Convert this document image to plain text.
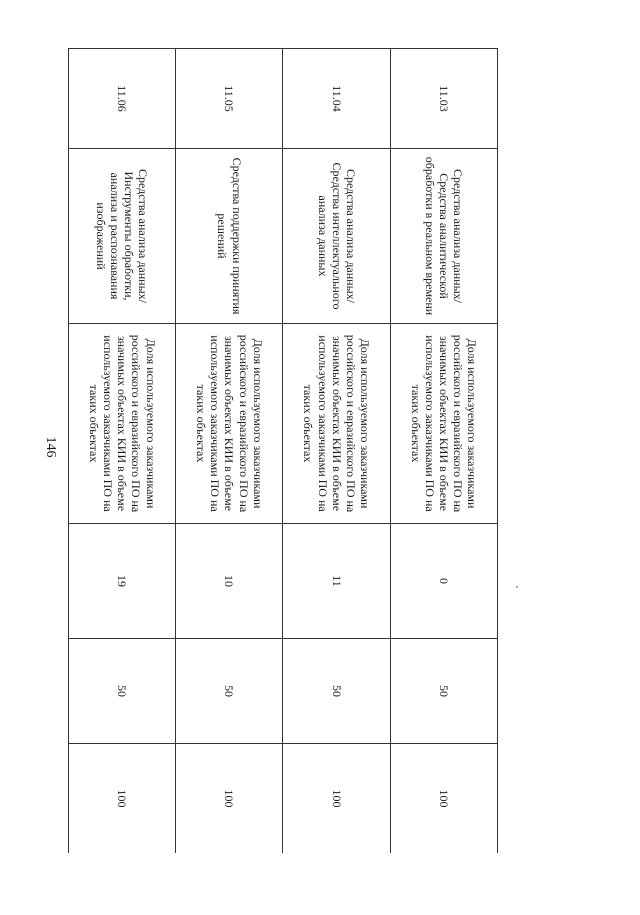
146
11.03	Средства анализа данных/Средства аналитической обработки в реальном времени	Доля используемого заказчиками российского и евразийского ПО на значимых объектах КИИ в объеме используемого заказчиками ПО на таких объектах	0	50	100
11.04	Средства анализа данных/Средства интеллектуального анализа данных	Доля используемого заказчиками российского и евразийского ПО на значимых объектах КИИ в объеме используемого заказчиками ПО на таких объектах	11	50	100
11.05	Средства поддержки принятия решений	Доля используемого заказчиками российского и евразийского ПО на значимых объектах КИИ в объеме используемого заказчиками ПО на таких объектах	10	50	100
11.06	Средства анализа данных/Инструменты обработки, анализа и распознавания изображений	Доля используемого заказчиками российского и евразийского ПО на значимых объектах КИИ в объеме используемого заказчиками ПО на таких объектах	19	50	100
